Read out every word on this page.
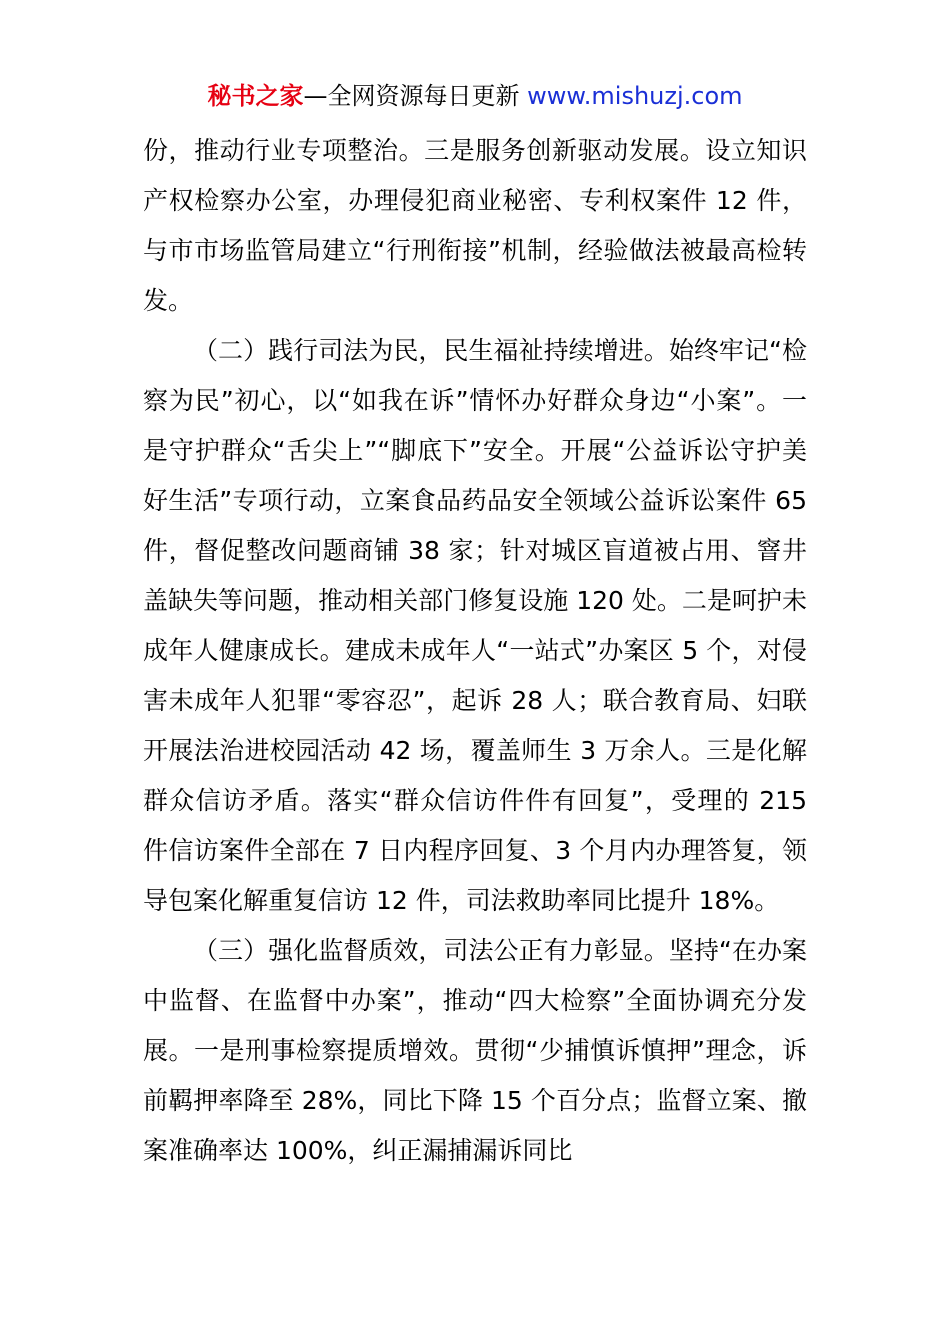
秘书之家—全网资源每日更新 www.mishuzj.com

份，推动行业专项整治。三是服务创新驱动发展。设立知识产权检察办公室，办理侵犯商业秘密、专利权案件 12 件，与市市场监管局建立“行刑衔接”机制，经验做法被最高检转发。

（二）践行司法为民，民生福祉持续增进。始终牢记“检察为民”初心，以“如我在诉”情怀办好群众身边“小案”。一是守护群众“舌尖上”“脚底下”安全。开展“公益诉讼守护美好生活”专项行动，立案食品药品安全领域公益诉讼案件 65 件，督促整改问题商铺 38 家；针对城区盲道被占用、窨井盖缺失等问题，推动相关部门修复设施 120 处。二是呵护未成年人健康成长。建成未成年人“一站式”办案区 5 个，对侵害未成年人犯罪“零容忍”，起诉 28 人；联合教育局、妇联开展法治进校园活动 42 场，覆盖师生 3 万余人。三是化解群众信访矛盾。落实“群众信访件件有回复”，受理的 215 件信访案件全部在 7 日内程序回复、3 个月内办理答复，领导包案化解重复信访 12 件，司法救助率同比提升 18%。

（三）强化监督质效，司法公正有力彰显。坚持“在办案中监督、在监督中办案”，推动“四大检察”全面协调充分发展。一是刑事检察提质增效。贯彻“少捕慎诉慎押”理念，诉前羁押率降至 28%，同比下降 15 个百分点；监督立案、撤案准确率达 100%，纠正漏捕漏诉同比
